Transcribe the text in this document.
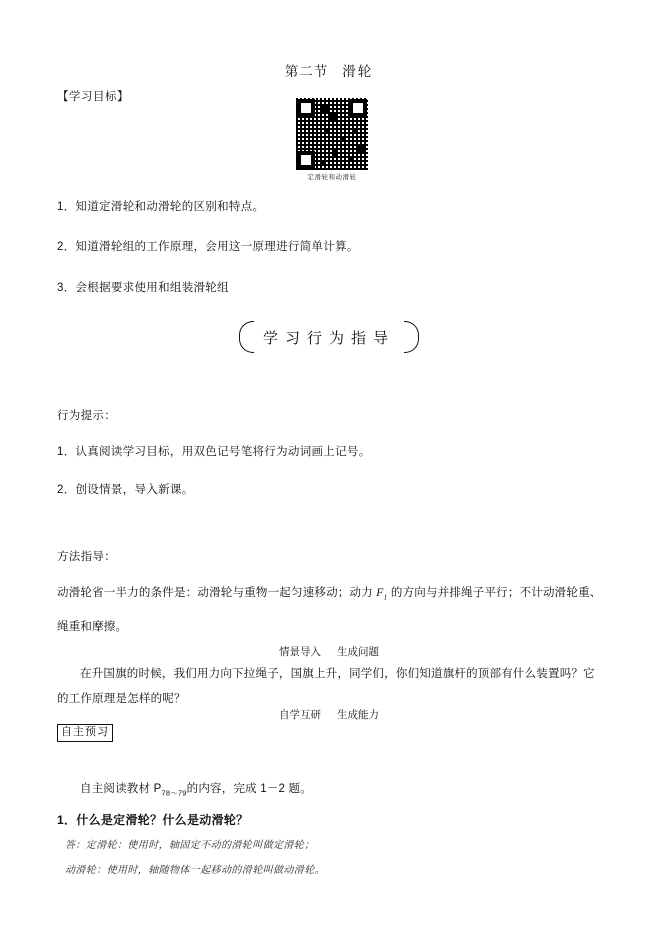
第二节 滑轮
【学习目标】
定滑轮和动滑轮
1．知道定滑轮和动滑轮的区别和特点。
2．知道滑轮组的工作原理，会用这一原理进行简单计算。
3．会根据要求使用和组装滑轮组
学习行为指导
行为提示：
1．认真阅读学习目标，用双色记号笔将行为动词画上记号。
2．创设情景，导入新课。
方法指导：
动滑轮省一半力的条件是：动滑轮与重物一起匀速移动；动力 $F_1$ 的方向与并排绳子平行；不计动滑轮重、绳重和摩擦。
情景导入 生成问题
在升国旗的时候，我们用力向下拉绳子，国旗上升，同学们，你们知道旗杆的顶部有什么装置吗？它的工作原理是怎样的呢？
自学互研 生成能力
自主预习
自主阅读教材 $P_{78\sim 79}$的内容，完成 1－2 题。
1．什么是定滑轮？什么是动滑轮？
答：定滑轮：使用时，轴固定不动的滑轮叫做定滑轮；
动滑轮：使用时，轴随物体一起移动的滑轮叫做动滑轮。
